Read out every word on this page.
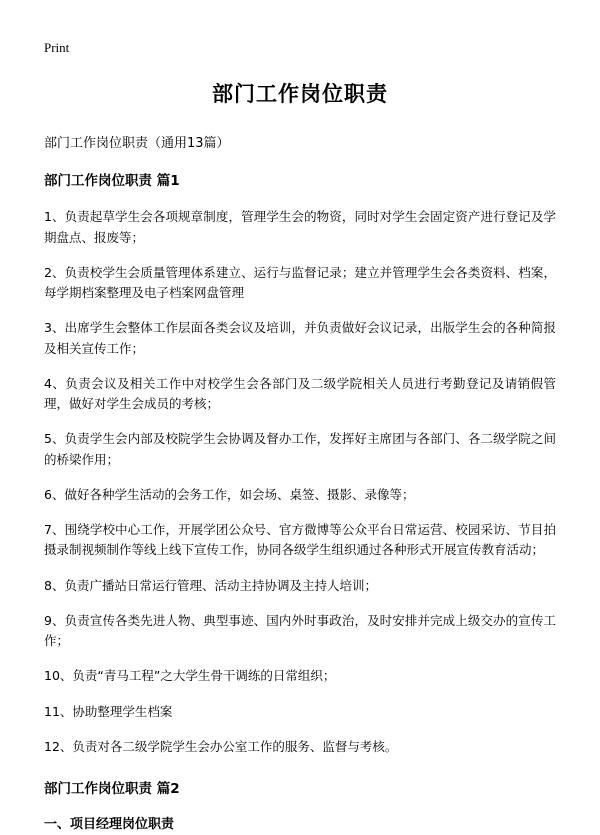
Print
部门工作岗位职责

部门工作岗位职责（通用13篇）

部门工作岗位职责 篇1

1、负责起草学生会各项规章制度，管理学生会的物资，同时对学生会固定资产进行登记及学期盘点、报废等；

2、负责校学生会质量管理体系建立、运行与监督记录；建立并管理学生会各类资料、档案，每学期档案整理及电子档案网盘管理

3、出席学生会整体工作层面各类会议及培训，并负责做好会议记录，出版学生会的各种简报及相关宣传工作；

4、负责会议及相关工作中对校学生会各部门及二级学院相关人员进行考勤登记及请销假管理，做好对学生会成员的考核；

5、负责学生会内部及校院学生会协调及督办工作，发挥好主席团与各部门、各二级学院之间的桥梁作用；

6、做好各种学生活动的会务工作，如会场、桌签、摄影、录像等；

7、围绕学校中心工作，开展学团公众号、官方微博等公众平台日常运营、校园采访、节目拍摄录制视频制作等线上线下宣传工作，协同各级学生组织通过各种形式开展宣传教育活动；

8、负责广播站日常运行管理、活动主持协调及主持人培训；

9、负责宣传各类先进人物、典型事迹、国内外时事政治，及时安排并完成上级交办的宣传工作；

10、负责“青马工程”之大学生骨干调练的日常组织；

11、协助整理学生档案

12、负责对各二级学院学生会办公室工作的服务、监督与考核。

部门工作岗位职责 篇2

一、项目经理岗位职责
